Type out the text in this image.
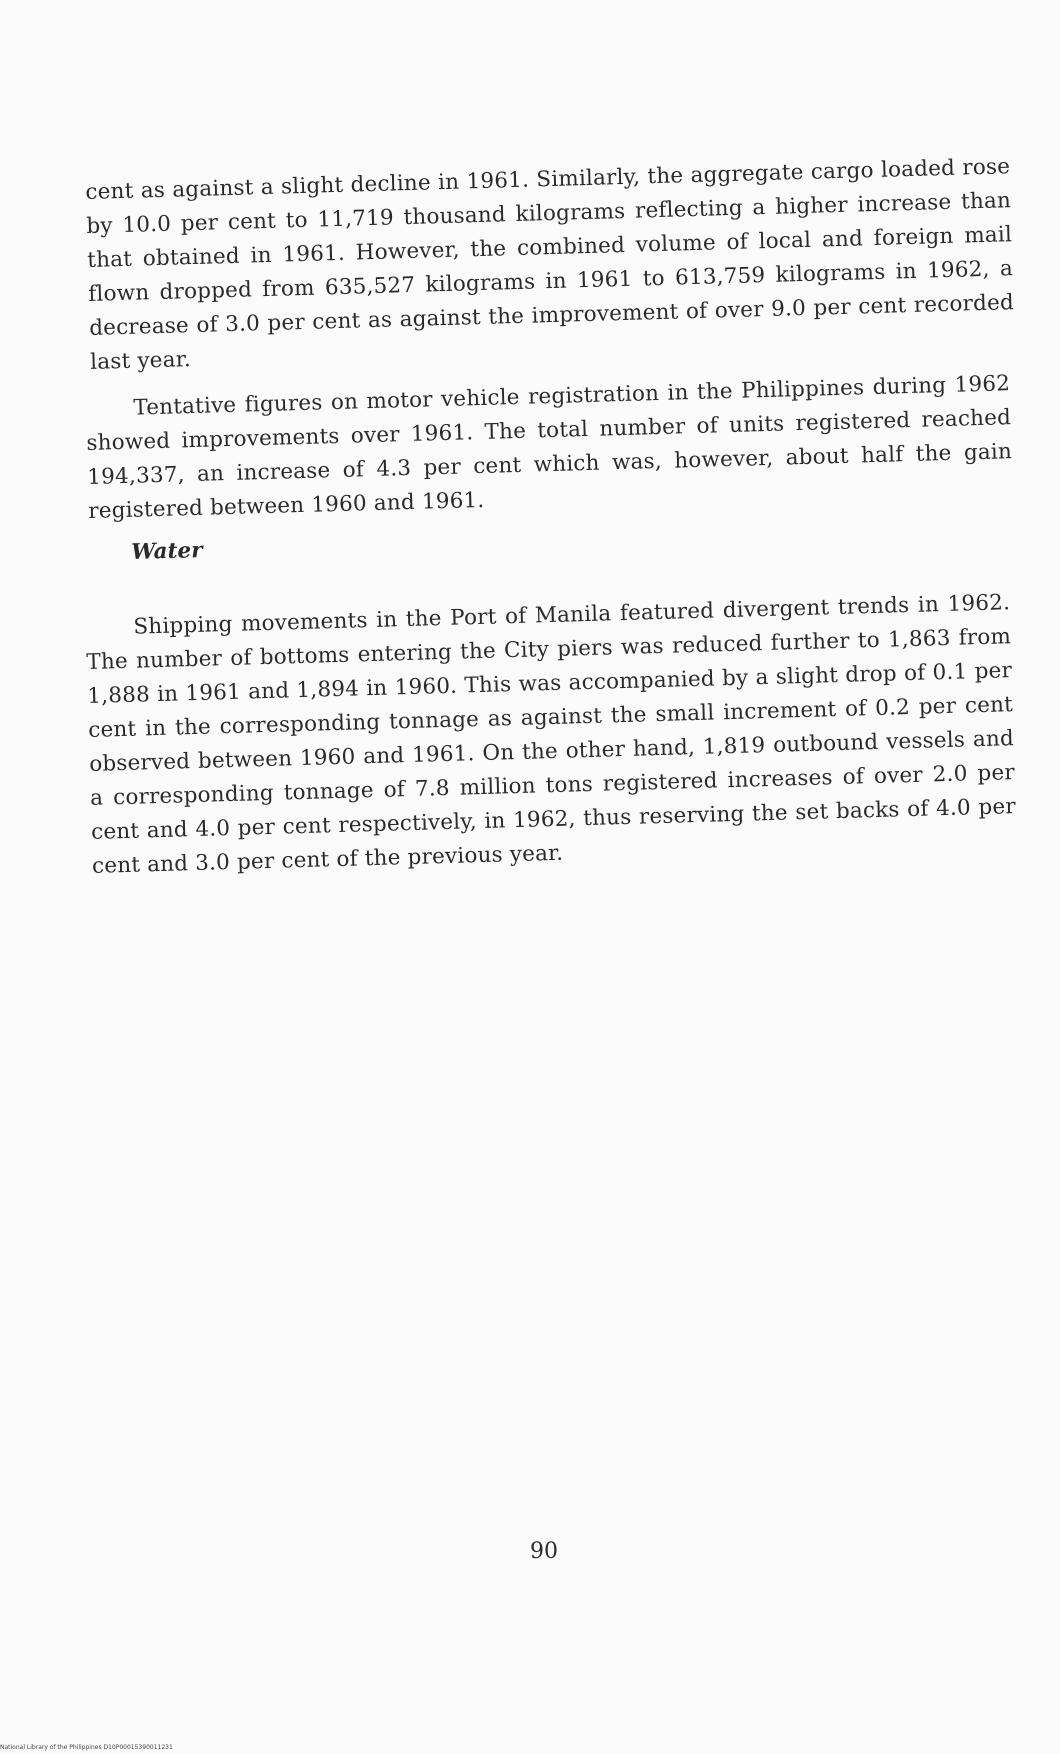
cent as against a slight decline in 1961. Similarly, the aggregate cargo loaded rose by 10.0 per cent to 11,719 thousand kilograms reflecting a higher increase than that obtained in 1961. However, the combined volume of local and foreign mail flown dropped from 635,527 kilograms in 1961 to 613,759 kilograms in 1962, a decrease of 3.0 per cent as against the improvement of over 9.0 per cent recorded last year.

Tentative figures on motor vehicle registration in the Philippines during 1962 showed improvements over 1961. The total number of units registered reached 194,337, an increase of 4.3 per cent which was, however, about half the gain registered between 1960 and 1961.

Water

Shipping movements in the Port of Manila featured divergent trends in 1962. The number of bottoms entering the City piers was reduced further to 1,863 from 1,888 in 1961 and 1,894 in 1960. This was accompanied by a slight drop of 0.1 per cent in the corresponding tonnage as against the small increment of 0.2 per cent observed between 1960 and 1961. On the other hand, 1,819 outbound vessels and a corresponding tonnage of 7.8 million tons registered increases of over 2.0 per cent and 4.0 per cent respectively, in 1962, thus reserving the set backs of 4.0 per cent and 3.0 per cent of the previous year.

90
National Library of the Philippines D10P00015390011231
